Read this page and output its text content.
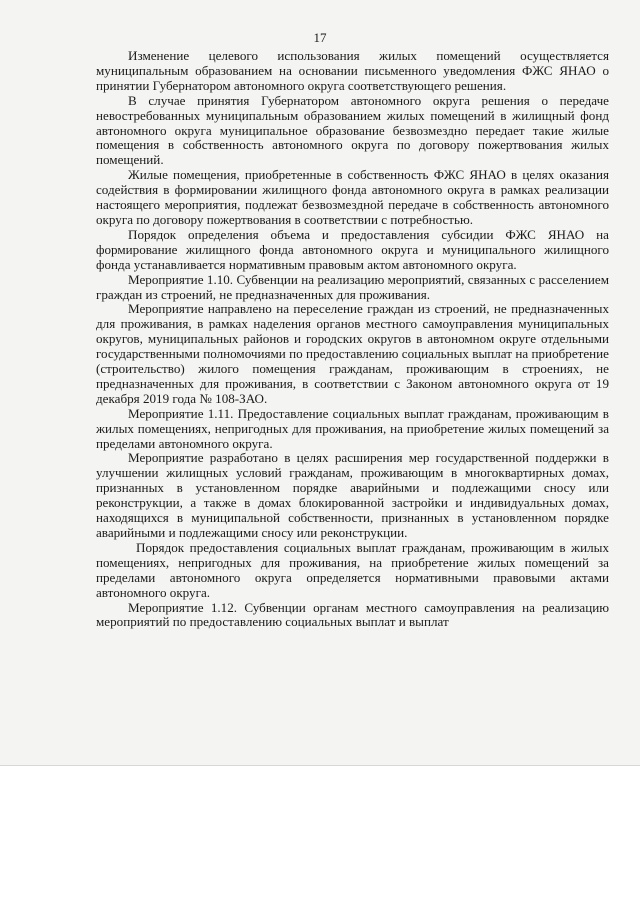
17

Изменение целевого использования жилых помещений осуществляется муниципальным образованием на основании письменного уведомления ФЖС ЯНАО о принятии Губернатором автономного округа соответствующего решения.

В случае принятия Губернатором автономного округа решения о передаче невостребованных муниципальным образованием жилых помещений в жилищный фонд автономного округа муниципальное образование безвозмездно передает такие жилые помещения в собственность автономного округа по договору пожертвования жилых помещений.

Жилые помещения, приобретенные в собственность ФЖС ЯНАО в целях оказания содействия в формировании жилищного фонда автономного округа в рамках реализации настоящего мероприятия, подлежат безвозмездной передаче в собственность автономного округа по договору пожертвования в соответствии с потребностью.

Порядок определения объема и предоставления субсидии ФЖС ЯНАО на формирование жилищного фонда автономного округа и муниципального жилищного фонда устанавливается нормативным правовым актом автономного округа.

Мероприятие 1.10. Субвенции на реализацию мероприятий, связанных с расселением граждан из строений, не предназначенных для проживания.

Мероприятие направлено на переселение граждан из строений, не предназначенных для проживания, в рамках наделения органов местного самоуправления муниципальных округов, муниципальных районов и городских округов в автономном округе отдельными государственными полномочиями по предоставлению социальных выплат на приобретение (строительство) жилого помещения гражданам, проживающим в строениях, не предназначенных для проживания, в соответствии с Законом автономного округа от 19 декабря 2019 года № 108-ЗАО.

Мероприятие 1.11. Предоставление социальных выплат гражданам, проживающим в жилых помещениях, непригодных для проживания, на приобретение жилых помещений за пределами автономного округа.

Мероприятие разработано в целях расширения мер государственной поддержки в улучшении жилищных условий гражданам, проживающим в многоквартирных домах, признанных в установленном порядке аварийными и подлежащими сносу или реконструкции, а также в домах блокированной застройки и индивидуальных домах, находящихся в муниципальной собственности, признанных в установленном порядке аварийными и подлежащими сносу или реконструкции.

Порядок предоставления социальных выплат гражданам, проживающим в жилых помещениях, непригодных для проживания, на приобретение жилых помещений за пределами автономного округа определяется нормативными правовыми актами автономного округа.

Мероприятие 1.12. Субвенции органам местного самоуправления на реализацию мероприятий по предоставлению социальных выплат и выплат
